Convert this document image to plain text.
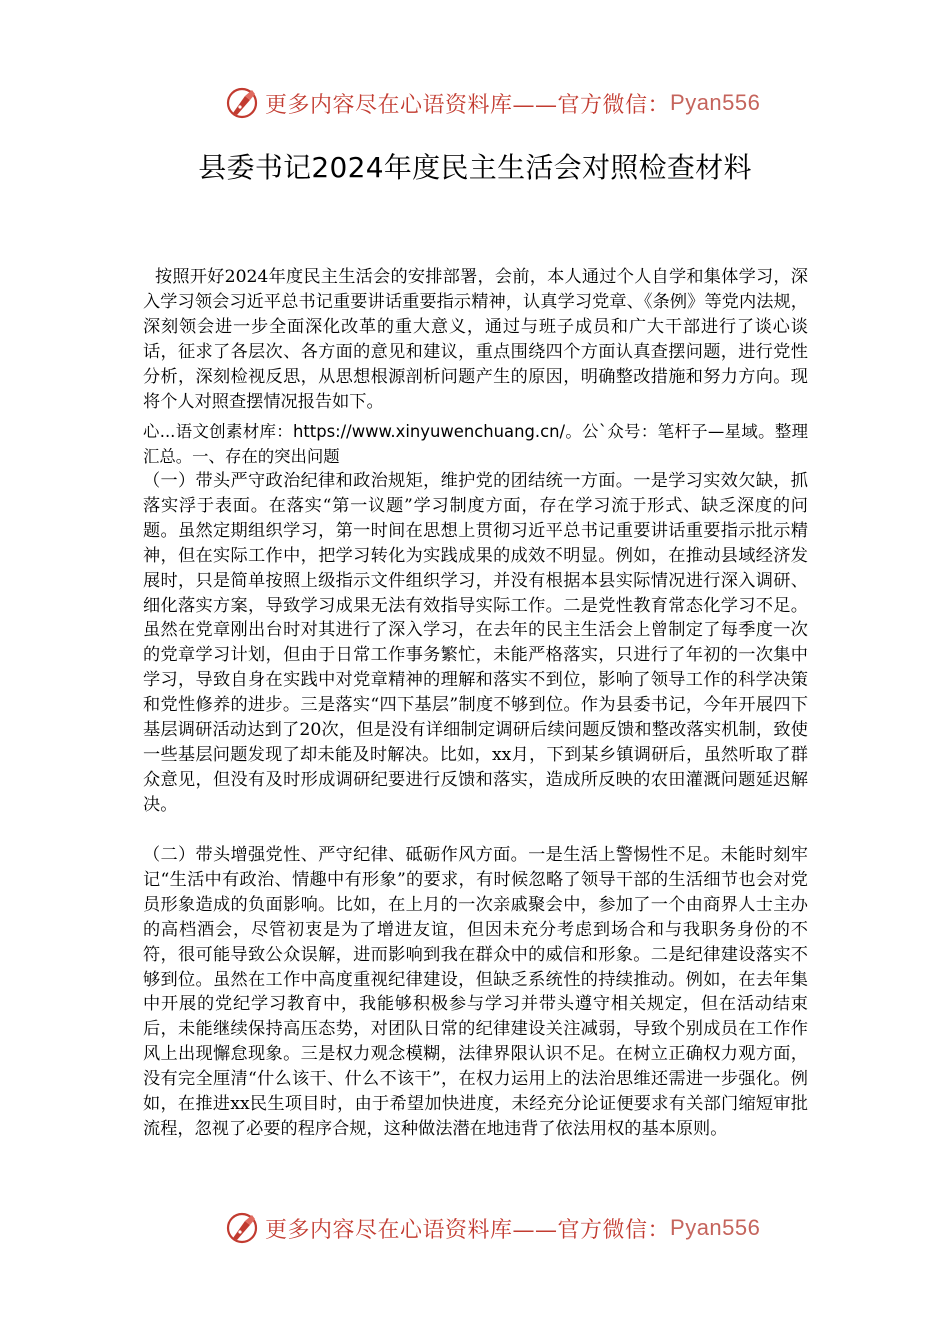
更多内容尽在心语资料库——官方微信： Pyan556
县委书记2024年度民主生活会对照检查材料

按照开好2024年度民主生活会的安排部署，会前，本人通过个人自学和集体学习，深入学习领会习近平总书记重要讲话重要指示精神，认真学习党章、《条例》等党内法规，深刻领会进一步全面深化改革的重大意义，通过与班子成员和广大干部进行了谈心谈话，征求了各层次、各方面的意见和建议，重点围绕四个方面认真查摆问题，进行党性分析，深刻检视反思，从思想根源剖析问题产生的原因，明确整改措施和努力方向。现将个人对照查摆情况报告如下。

心...语文创素材库：https://www.xinyuwenchuang.cn/。公`众号：笔杆子—星域。整理汇总。一、存在的突出问题

（一）带头严守政治纪律和政治规矩，维护党的团结统一方面。一是学习实效欠缺，抓落实浮于表面。在落实“第一议题”学习制度方面，存在学习流于形式、缺乏深度的问题。虽然定期组织学习，第一时间在思想上贯彻习近平总书记重要讲话重要指示批示精神，但在实际工作中，把学习转化为实践成果的成效不明显。例如，在推动县域经济发展时，只是简单按照上级指示文件组织学习，并没有根据本县实际情况进行深入调研、细化落实方案，导致学习成果无法有效指导实际工作。二是党性教育常态化学习不足。虽然在党章刚出台时对其进行了深入学习，在去年的民主生活会上曾制定了每季度一次的党章学习计划，但由于日常工作事务繁忙，未能严格落实，只进行了年初的一次集中学习，导致自身在实践中对党章精神的理解和落实不到位，影响了领导工作的科学决策和党性修养的进步。三是落实“四下基层”制度不够到位。作为县委书记，今年开展四下基层调研活动达到了20次，但是没有详细制定调研后续问题反馈和整改落实机制，致使一些基层问题发现了却未能及时解决。比如，xx月，下到某乡镇调研后，虽然听取了群众意见，但没有及时形成调研纪要进行反馈和落实，造成所反映的农田灌溉问题延迟解决。

（二）带头增强党性、严守纪律、砥砺作风方面。一是生活上警惕性不足。未能时刻牢记“生活中有政治、情趣中有形象”的要求，有时候忽略了领导干部的生活细节也会对党员形象造成的负面影响。比如，在上月的一次亲戚聚会中，参加了一个由商界人士主办的高档酒会，尽管初衷是为了增进友谊，但因未充分考虑到场合和与我职务身份的不符，很可能导致公众误解，进而影响到我在群众中的威信和形象。二是纪律建设落实不够到位。虽然在工作中高度重视纪律建设，但缺乏系统性的持续推动。例如，在去年集中开展的党纪学习教育中，我能够积极参与学习并带头遵守相关规定，但在活动结束后，未能继续保持高压态势，对团队日常的纪律建设关注减弱，导致个别成员在工作作风上出现懈怠现象。三是权力观念模糊，法律界限认识不足。在树立正确权力观方面，没有完全厘清“什么该干、什么不该干”，在权力运用上的法治思维还需进一步强化。例如，在推进xx民生项目时，由于希望加快进度，未经充分论证便要求有关部门缩短审批流程，忽视了必要的程序合规，这种做法潜在地违背了依法用权的基本原则。

更多内容尽在心语资料库——官方微信： Pyan556
